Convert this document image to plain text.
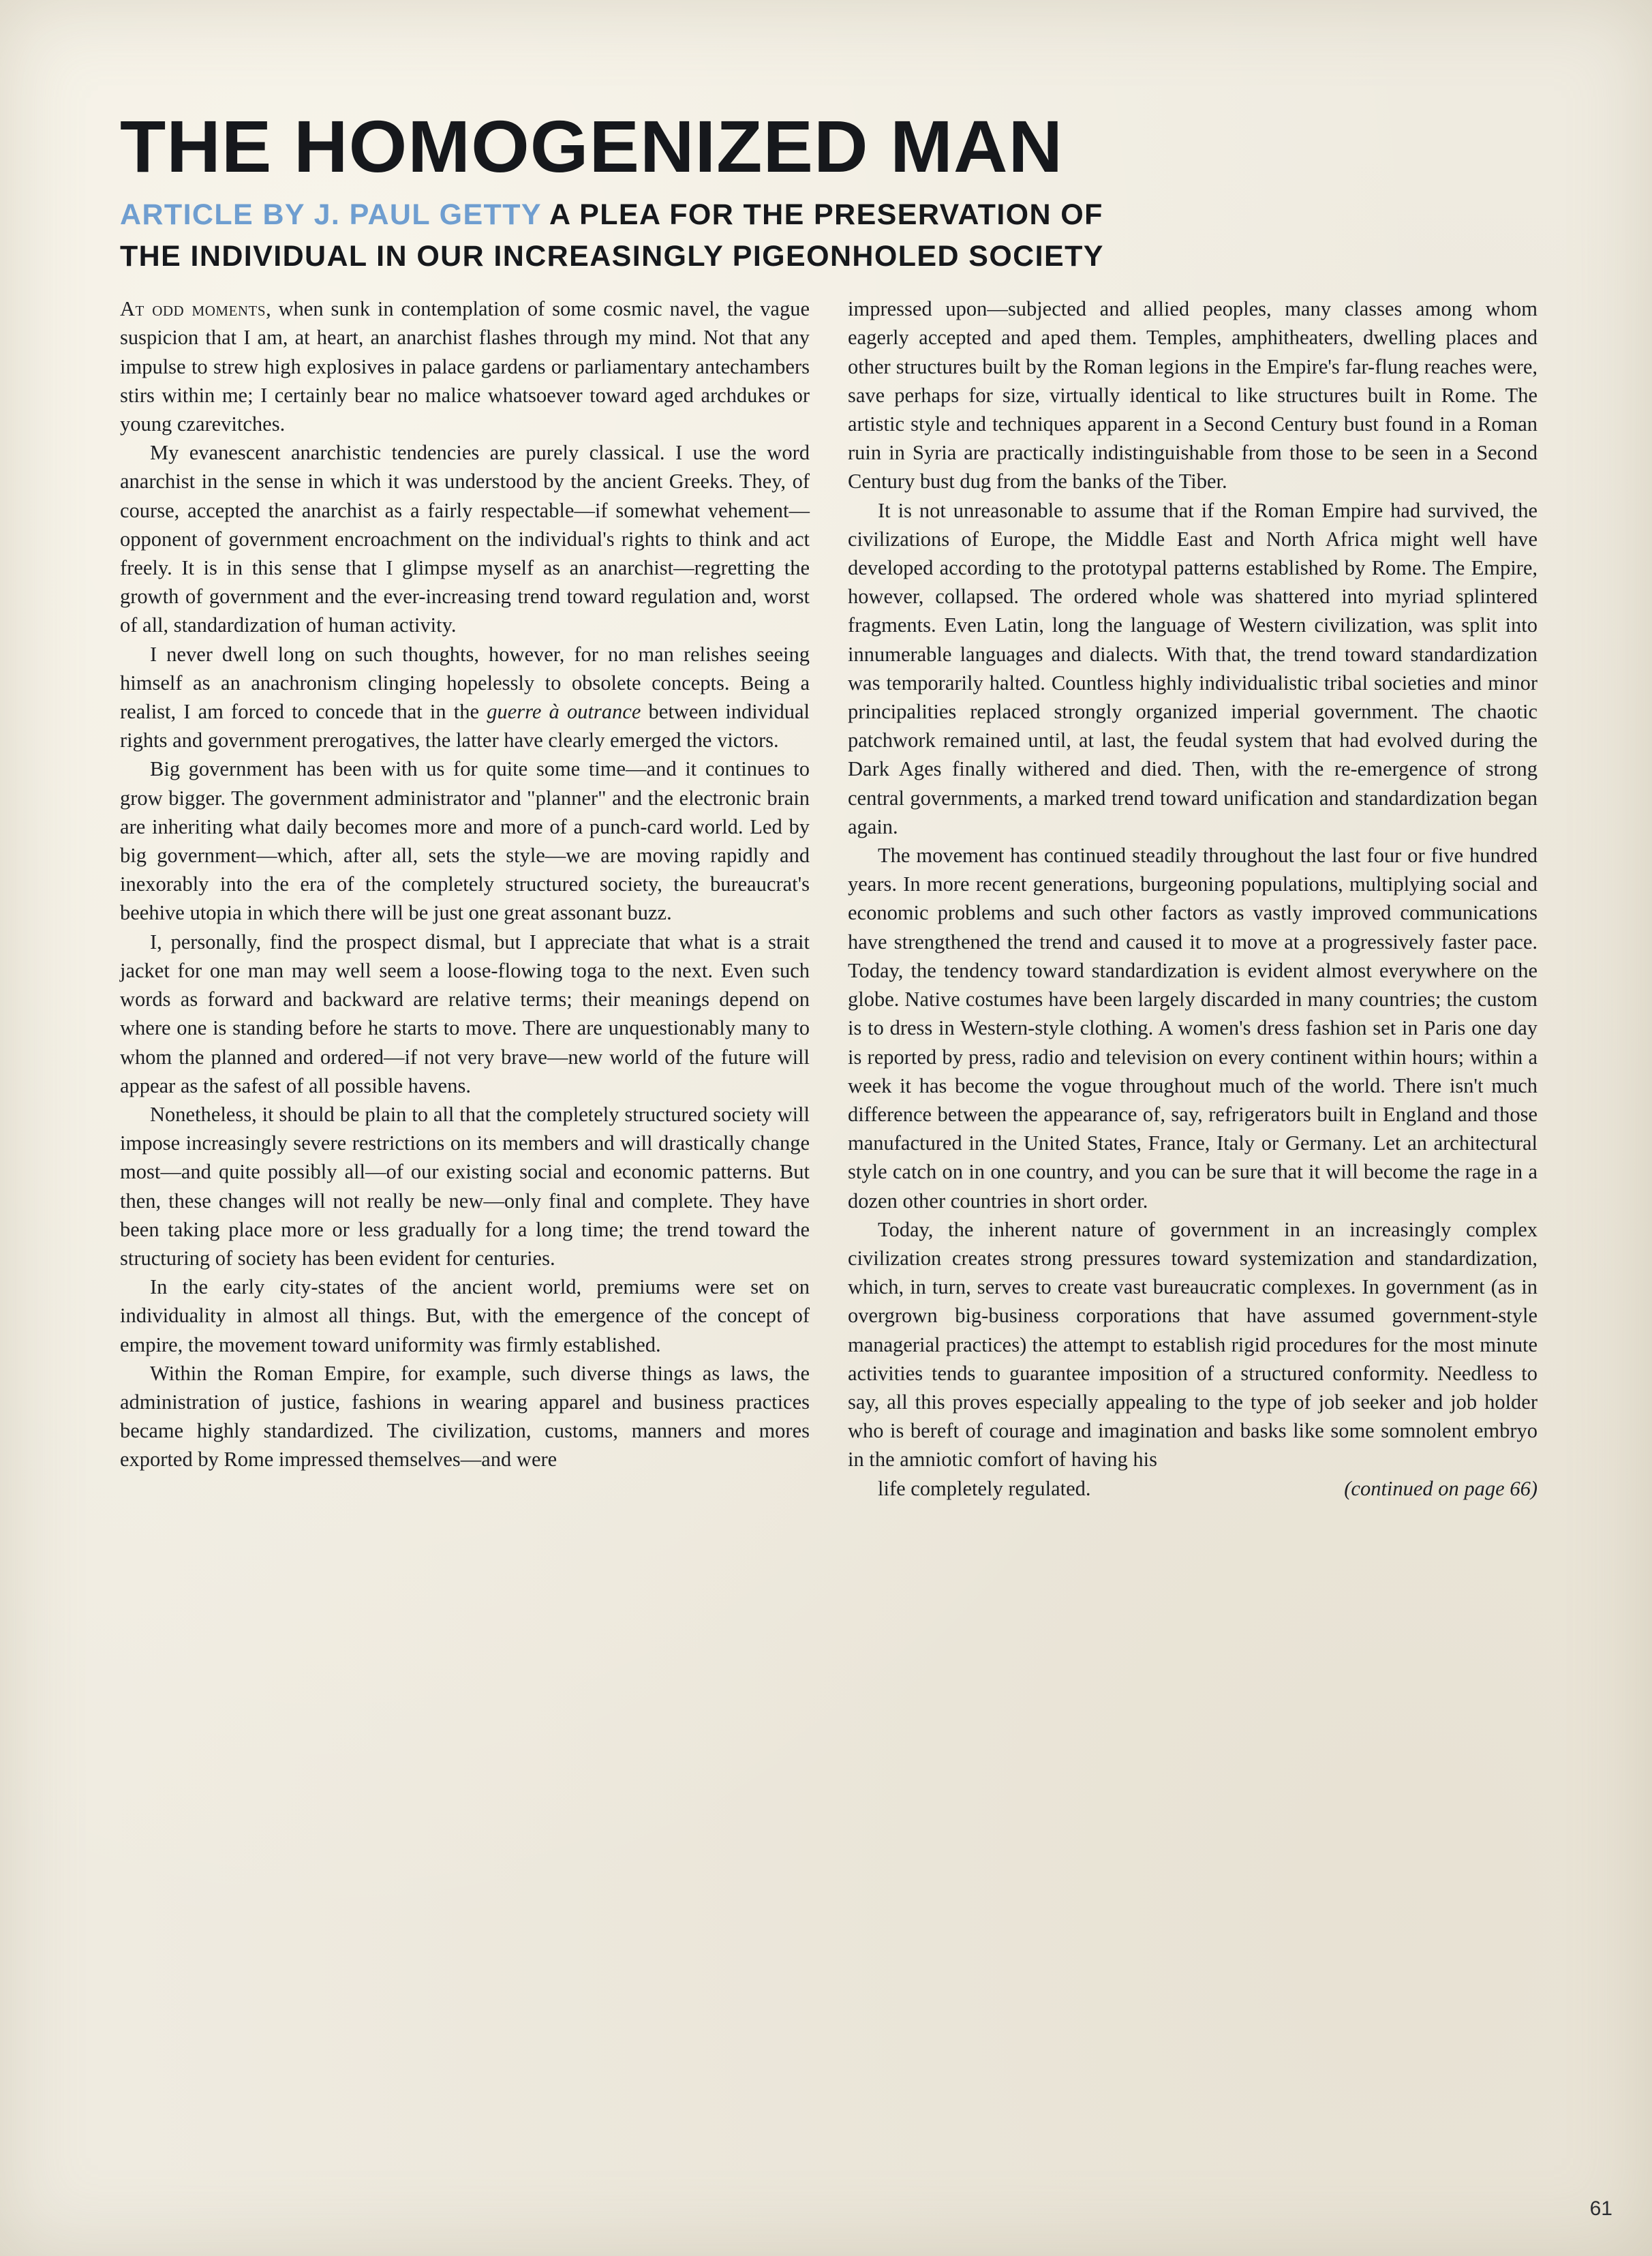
THE HOMOGENIZED MAN
ARTICLE BY J. PAUL GETTY A PLEA FOR THE PRESERVATION OF
THE INDIVIDUAL IN OUR INCREASINGLY PIGEONHOLED SOCIETY

At odd moments, when sunk in contemplation of some cosmic navel, the vague suspicion that I am, at heart, an anarchist flashes through my mind. Not that any impulse to strew high explosives in palace gardens or parliamentary antechambers stirs within me; I certainly bear no malice whatsoever toward aged archdukes or young czarevitches.

My evanescent anarchistic tendencies are purely classical. I use the word anarchist in the sense in which it was understood by the ancient Greeks. They, of course, accepted the anarchist as a fairly respectable—if somewhat vehement—opponent of government encroachment on the individual's rights to think and act freely. It is in this sense that I glimpse myself as an anarchist—regretting the growth of government and the ever-increasing trend toward regulation and, worst of all, standardization of human activity.

I never dwell long on such thoughts, however, for no man relishes seeing himself as an anachronism clinging hopelessly to obsolete concepts. Being a realist, I am forced to concede that in the guerre à outrance between individual rights and government prerogatives, the latter have clearly emerged the victors.

Big government has been with us for quite some time—and it continues to grow bigger. The government administrator and "planner" and the electronic brain are inheriting what daily becomes more and more of a punch-card world. Led by big government—which, after all, sets the style—we are moving rapidly and inexorably into the era of the completely structured society, the bureaucrat's beehive utopia in which there will be just one great assonant buzz.

I, personally, find the prospect dismal, but I appreciate that what is a strait jacket for one man may well seem a loose-flowing toga to the next. Even such words as forward and backward are relative terms; their meanings depend on where one is standing before he starts to move. There are unquestionably many to whom the planned and ordered—if not very brave—new world of the future will appear as the safest of all possible havens.

Nonetheless, it should be plain to all that the completely structured society will impose increasingly severe restrictions on its members and will drastically change most—and quite possibly all—of our existing social and economic patterns. But then, these changes will not really be new—only final and complete. They have been taking place more or less gradually for a long time; the trend toward the structuring of society has been evident for centuries.

In the early city-states of the ancient world, premiums were set on individuality in almost all things. But, with the emergence of the concept of empire, the movement toward uniformity was firmly established.

Within the Roman Empire, for example, such diverse things as laws, the administration of justice, fashions in wearing apparel and business practices became highly standardized. The civilization, customs, manners and mores exported by Rome impressed themselves—and were

impressed upon—subjected and allied peoples, many classes among whom eagerly accepted and aped them. Temples, amphitheaters, dwelling places and other structures built by the Roman legions in the Empire's far-flung reaches were, save perhaps for size, virtually identical to like structures built in Rome. The artistic style and techniques apparent in a Second Century bust found in a Roman ruin in Syria are practically indistinguishable from those to be seen in a Second Century bust dug from the banks of the Tiber.

It is not unreasonable to assume that if the Roman Empire had survived, the civilizations of Europe, the Middle East and North Africa might well have developed according to the prototypal patterns established by Rome. The Empire, however, collapsed. The ordered whole was shattered into myriad splintered fragments. Even Latin, long the language of Western civilization, was split into innumerable languages and dialects. With that, the trend toward standardization was temporarily halted. Countless highly individualistic tribal societies and minor principalities replaced strongly organized imperial government. The chaotic patchwork remained until, at last, the feudal system that had evolved during the Dark Ages finally withered and died. Then, with the re-emergence of strong central governments, a marked trend toward unification and standardization began again.

The movement has continued steadily throughout the last four or five hundred years. In more recent generations, burgeoning populations, multiplying social and economic problems and such other factors as vastly improved communications have strengthened the trend and caused it to move at a progressively faster pace. Today, the tendency toward standardization is evident almost everywhere on the globe. Native costumes have been largely discarded in many countries; the custom is to dress in Western-style clothing. A women's dress fashion set in Paris one day is reported by press, radio and television on every continent within hours; within a week it has become the vogue throughout much of the world. There isn't much difference between the appearance of, say, refrigerators built in England and those manufactured in the United States, France, Italy or Germany. Let an architectural style catch on in one country, and you can be sure that it will become the rage in a dozen other countries in short order.

Today, the inherent nature of government in an increasingly complex civilization creates strong pressures toward systemization and standardization, which, in turn, serves to create vast bureaucratic complexes. In government (as in overgrown big-business corporations that have assumed government-style managerial practices) the attempt to establish rigid procedures for the most minute activities tends to guarantee imposition of a structured conformity. Needless to say, all this proves especially appealing to the type of job seeker and job holder who is bereft of courage and imagination and basks like some somnolent embryo in the amniotic comfort of having his
life completely regulated.	(continued on page 66)

61
